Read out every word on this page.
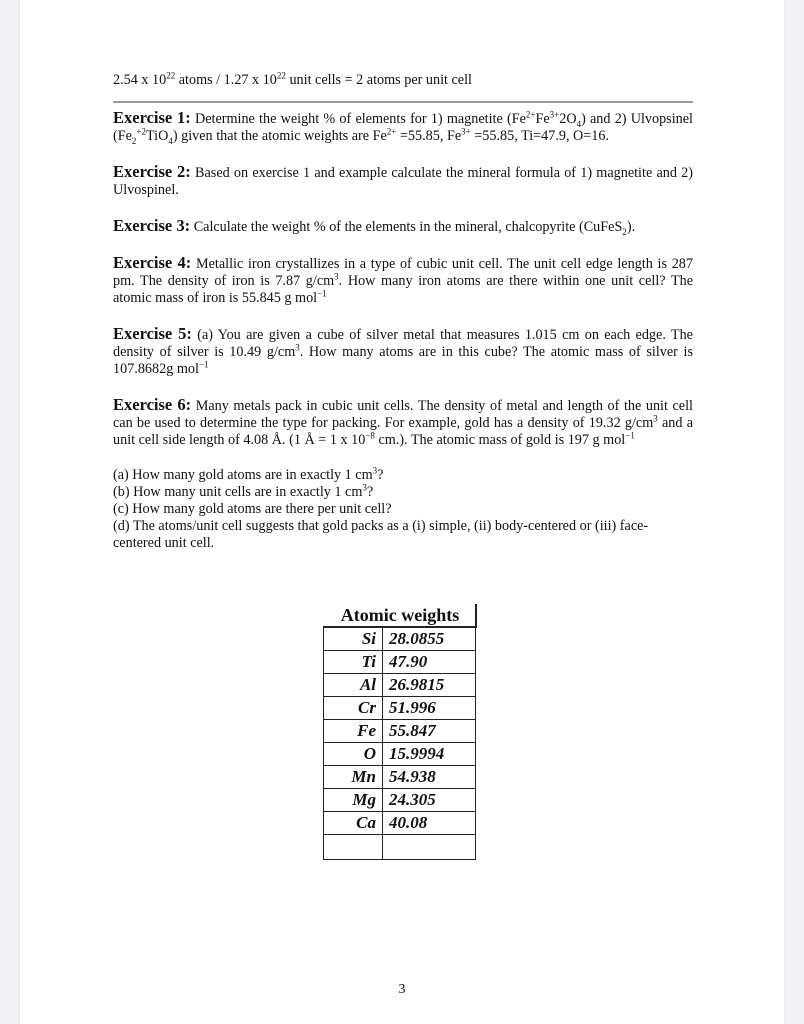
2.54 x $10^{22}$ atoms / 1.27 x $10^{22}$ unit cells = 2 atoms per unit cell

Exercise 1: Determine the weight % of elements for 1) magnetite $(Fe^{2+}Fe^{3+}2O_4)$ and 2) Ulvopsinel $(Fe_2^{+2}TiO_4)$ given that the atomic weights are $Fe^{2+} =55.85$, $Fe^{3+} =55.85$, Ti=47.9, O=16.

Exercise 2: Based on exercise 1 and example calculate the mineral formula of 1) magnetite and 2) Ulvospinel.

Exercise 3: Calculate the weight % of the elements in the mineral, chalcopyrite (CuFeS$_2$).

Exercise 4: Metallic iron crystallizes in a type of cubic unit cell. The unit cell edge length is 287 pm. The density of iron is 7.87 $g/cm^3$. How many iron atoms are there within one unit cell? The atomic mass of iron is 55.845 g mol$^{-1}$

Exercise 5: (a) You are given a cube of silver metal that measures 1.015 cm on each edge. The density of silver is 10.49 $g/cm^3$. How many atoms are in this cube? The atomic mass of silver is 107.8682g mol$^{-1}$

Exercise 6: Many metals pack in cubic unit cells. The density of metal and length of the unit cell can be used to determine the type for packing. For example, gold has a density of 19.32 $g/cm^3$ and a unit cell side length of 4.08 Å. (1 Å = 1 x $10^{-8}$ cm.). The atomic mass of gold is 197 g mol$^{-1}$

(a) How many gold atoms are in exactly 1 $cm^3$?

(b) How many unit cells are in exactly 1 $cm^3$?

(c) How many gold atoms are there per unit cell?

(d) The atoms/unit cell suggests that gold packs as a (i) simple, (ii) body-centered or (iii) face-centered unit cell.

Atomic weights	
Si	28.0855
Ti	47.90
Al	26.9815
Cr	51.996
Fe	55.847
O	15.9994
Mn	54.938
Mg	24.305
Ca	40.08

3
